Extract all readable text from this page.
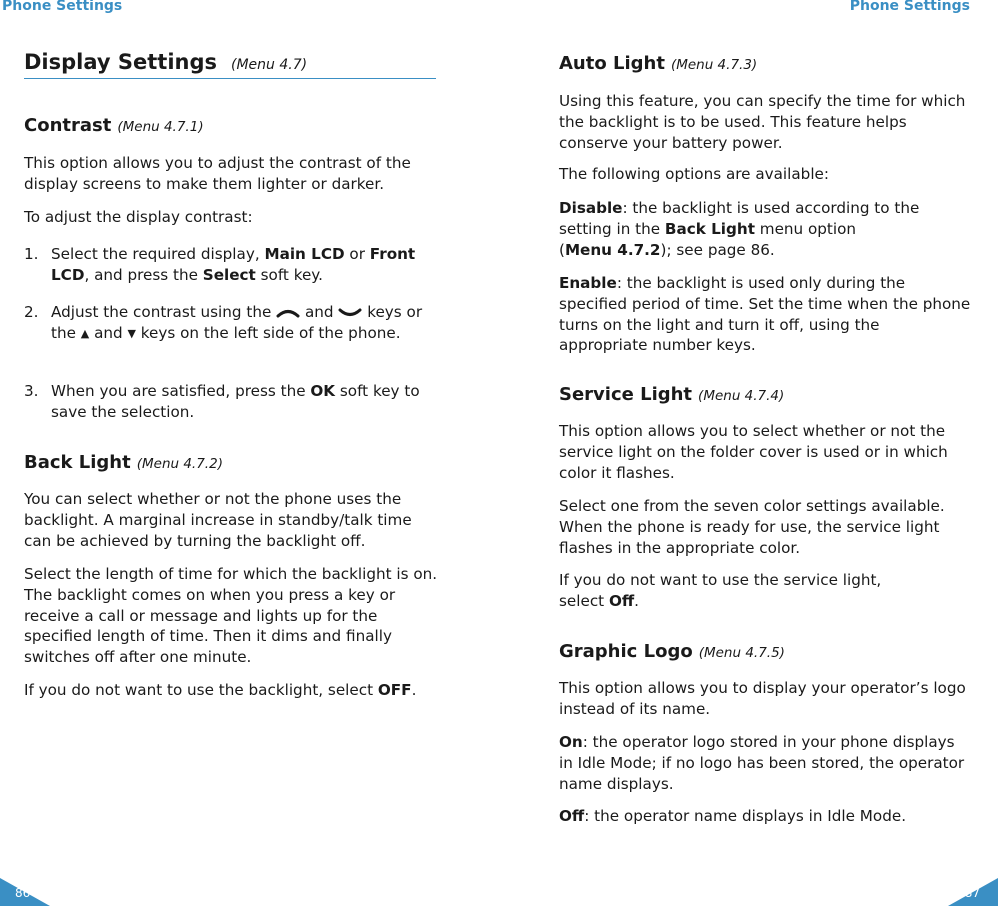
Phone Settings	Phone Settings
Display Settings (Menu 4.7)
Contrast (Menu 4.7.1)

This option allows you to adjust the contrast of the display screens to make them lighter or darker.

To adjust the display contrast:

1. Select the required display, Main LCD or Front LCD, and press the Select soft key.
2. Adjust the contrast using the and keys or the ▲ and ▼ keys on the left side of the phone.
3. When you are satisfied, press the OK soft key to save the selection.
Back Light (Menu 4.7.2)

You can select whether or not the phone uses the backlight. A marginal increase in standby/talk time can be achieved by turning the backlight off.

Select the length of time for which the backlight is on. The backlight comes on when you press a key or receive a call or message and lights up for the specified length of time. Then it dims and finally switches off after one minute.

If you do not want to use the backlight, select OFF.

Auto Light (Menu 4.7.3)

Using this feature, you can specify the time for which the backlight is to be used. This feature helps conserve your battery power.

The following options are available:

Disable: the backlight is used according to the setting in the Back Light menu option
(Menu 4.7.2); see page 86.

Enable: the backlight is used only during the specified period of time. Set the time when the phone turns on the light and turn it off, using the appropriate number keys.

Service Light (Menu 4.7.4)

This option allows you to select whether or not the service light on the folder cover is used or in which color it flashes.

Select one from the seven color settings available. When the phone is ready for use, the service light flashes in the appropriate color.

If you do not want to use the service light,
select Off.

Graphic Logo (Menu 4.7.5)

This option allows you to display your operator’s logo instead of its name.

On: the operator logo stored in your phone displays in Idle Mode; if no logo has been stored, the operator name displays.

Off: the operator name displays in Idle Mode.

86	87
